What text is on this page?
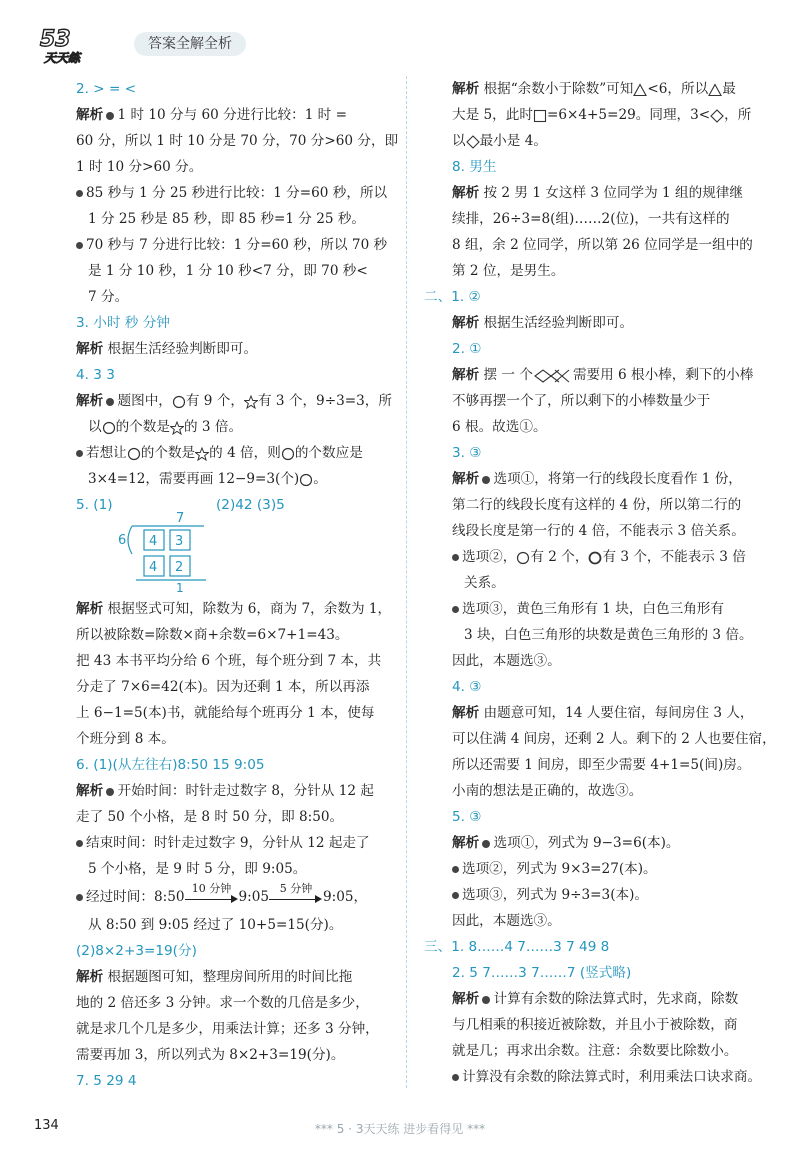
53
天天练
答案全解全析
2. > = <
解析 1 时 10 分与 60 分进行比较：1 时 =
60 分，所以 1 时 10 分是 70 分，70 分>60 分，即
1 时 10 分>60 分。
85 秒与 1 分 25 秒进行比较：1 分=60 秒，所以
1 分 25 秒是 85 秒，即 85 秒=1 分 25 秒。
70 秒与 7 分进行比较：1 分=60 秒，所以 70 秒
是 1 分 10 秒，1 分 10 秒<7 分，即 70 秒<
7 分。
3. 小时 秒 分钟
解析 根据生活经验判断即可。
4. 3 3
解析 题图中， 有 9 个， 有 3 个，9÷3=3，所
以 的个数是 的 3 倍。
若想让 的个数是 的 4 倍，则 的个数应是
3×4=12，需要再画 12−9=3(个) 。
5. (1)	(2)42 (3)5
7
6 4 3
4 2
1
解析 根据竖式可知，除数为 6，商为 7，余数为 1，
所以被除数=除数×商+余数=6×7+1=43。
把 43 本书平均分给 6 个班，每个班分到 7 本，共
分走了 7×6=42(本)。因为还剩 1 本，所以再添
上 6−1=5(本)书，就能给每个班再分 1 本，使每
个班分到 8 本。
6. (1)(从左往右)8:50 15 9:05
解析 开始时间：时针走过数字 8，分针从 12 起
走了 50 个小格，是 8 时 50 分，即 8:50。
结束时间：时针走过数字 9，分针从 12 起走了
5 个小格，是 9 时 5 分，即 9:05。
经过时间：8:50
10 分钟
9:05
5 分钟
9:05，
从 8:50 到 9:05 经过了 10+5=15(分)。
(2)8×2+3=19(分)
解析 根据题图可知，整理房间所用的时间比拖
地的 2 倍还多 3 分钟。求一个数的几倍是多少，
就是求几个几是多少，用乘法计算；还多 3 分钟，
需要再加 3，所以列式为 8×2+3=19(分)。
7. 5 29 4
解析 根据“余数小于除数”可知 <6，所以 最
大是 5，此时 =6×4+5=29。同理，3< ，所
以 最小是 4。
8. 男生
解析 按 2 男 1 女这样 3 位同学为 1 组的规律继
续排，26÷3=8(组)……2(位)，一共有这样的
8 组，余 2 位同学，所以第 26 位同学是一组中的
第 2 位，是男生。
二、1. ②
解析 根据生活经验判断即可。
2. ①
解析 摆 一 个	需要用 6 根小棒，剩下的小棒
不够再摆一个了，所以剩下的小棒数量少于
6 根。故选①。
3. ③
解析 选项①，将第一行的线段长度看作 1 份，
第二行的线段长度有这样的 4 份，所以第二行的
线段长度是第一行的 4 倍，不能表示 3 倍关系。
选项②， 有 2 个， 有 3 个，不能表示 3 倍
关系。
选项③，黄色三角形有 1 块，白色三角形有
3 块，白色三角形的块数是黄色三角形的 3 倍。
因此，本题选③。
4. ③
解析 由题意可知，14 人要住宿，每间房住 3 人，
可以住满 4 间房，还剩 2 人。剩下的 2 人也要住宿，
所以还需要 1 间房，即至少需要 4+1=5(间)房。
小南的想法是正确的，故选③。
5. ③
解析 选项①，列式为 9−3=6(本)。
选项②，列式为 9×3=27(本)。
选项③，列式为 9÷3=3(本)。
因此，本题选③。
三、1. 8……4 7……3 7 49 8
2. 5 7……3 7……7 (竖式略)
解析 计算有余数的除法算式时，先求商，除数
与几相乘的积接近被除数，并且小于被除数，商
就是几；再求出余数。注意：余数要比除数小。
计算没有余数的除法算式时，利用乘法口诀求商。
134	*** 5 · 3天天练 进步看得见 ***
